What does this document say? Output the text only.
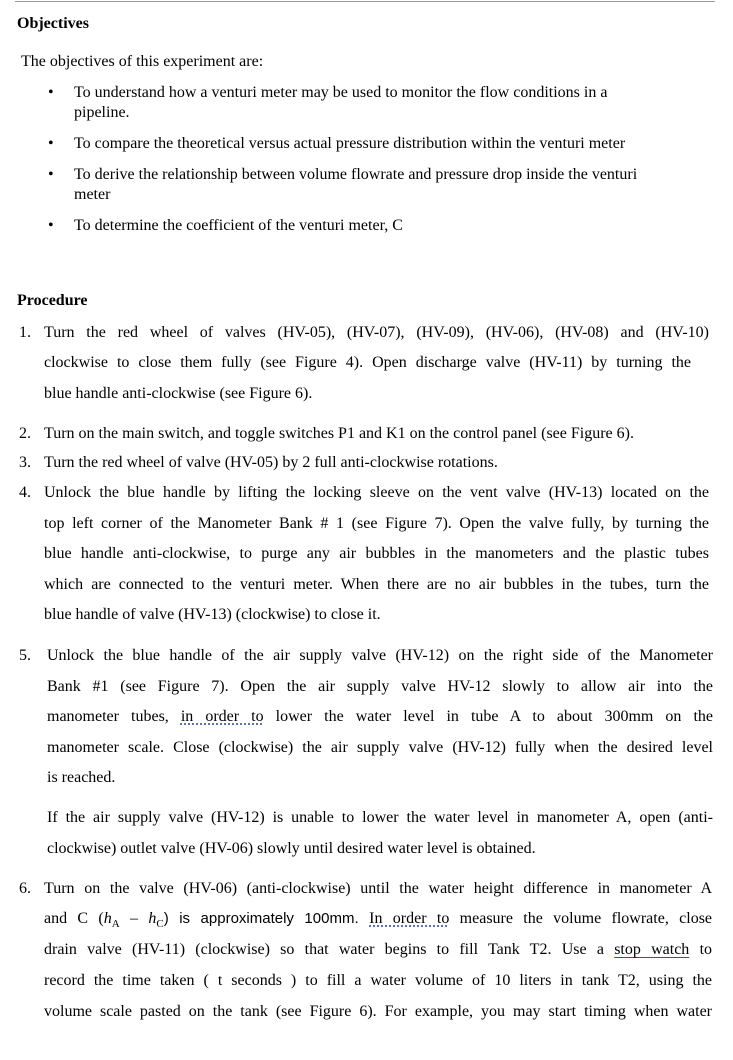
Objectives
The objectives of this experiment are:
• To understand how a venturi meter may be used to monitor the flow conditions in a
pipeline.
• To compare the theoretical versus actual pressure distribution within the venturi meter
• To derive the relationship between volume flowrate and pressure drop inside the venturi
meter
• To determine the coefficient of the venturi meter, C
Procedure
1. Turn the red wheel of valves (HV-05), (HV-07), (HV-09), (HV-06), (HV-08) and (HV-10)
clockwise to close them fully (see Figure 4). Open discharge valve (HV-11) by turning the
blue handle anti-clockwise (see Figure 6).
2. Turn on the main switch, and toggle switches P1 and K1 on the control panel (see Figure 6).
3. Turn the red wheel of valve (HV-05) by 2 full anti-clockwise rotations.
4. Unlock the blue handle by lifting the locking sleeve on the vent valve (HV-13) located on the
top left corner of the Manometer Bank # 1 (see Figure 7). Open the valve fully, by turning the
blue handle anti-clockwise, to purge any air bubbles in the manometers and the plastic tubes
which are connected to the venturi meter. When there are no air bubbles in the tubes, turn the
blue handle of valve (HV-13) (clockwise) to close it.
5. Unlock the blue handle of the air supply valve (HV-12) on the right side of the Manometer
Bank #1 (see Figure 7). Open the air supply valve HV-12 slowly to allow air into the
manometer tubes, in order to lower the water level in tube A to about 300mm on the
manometer scale. Close (clockwise) the air supply valve (HV-12) fully when the desired level
is reached.
If the air supply valve (HV-12) is unable to lower the water level in manometer A, open (anti-
clockwise) outlet valve (HV-06) slowly until desired water level is obtained.
6. Turn on the valve (HV-06) (anti-clockwise) until the water height difference in manometer A
and C $(h_A - h_C)$ is approximately 100mm. In order to measure the volume flowrate, close
drain valve (HV-11) (clockwise) so that water begins to fill Tank T2. Use a stop watch to
record the time taken ( t seconds ) to fill a water volume of 10 liters in tank T2, using the
volume scale pasted on the tank (see Figure 6). For example, you may start timing when water
